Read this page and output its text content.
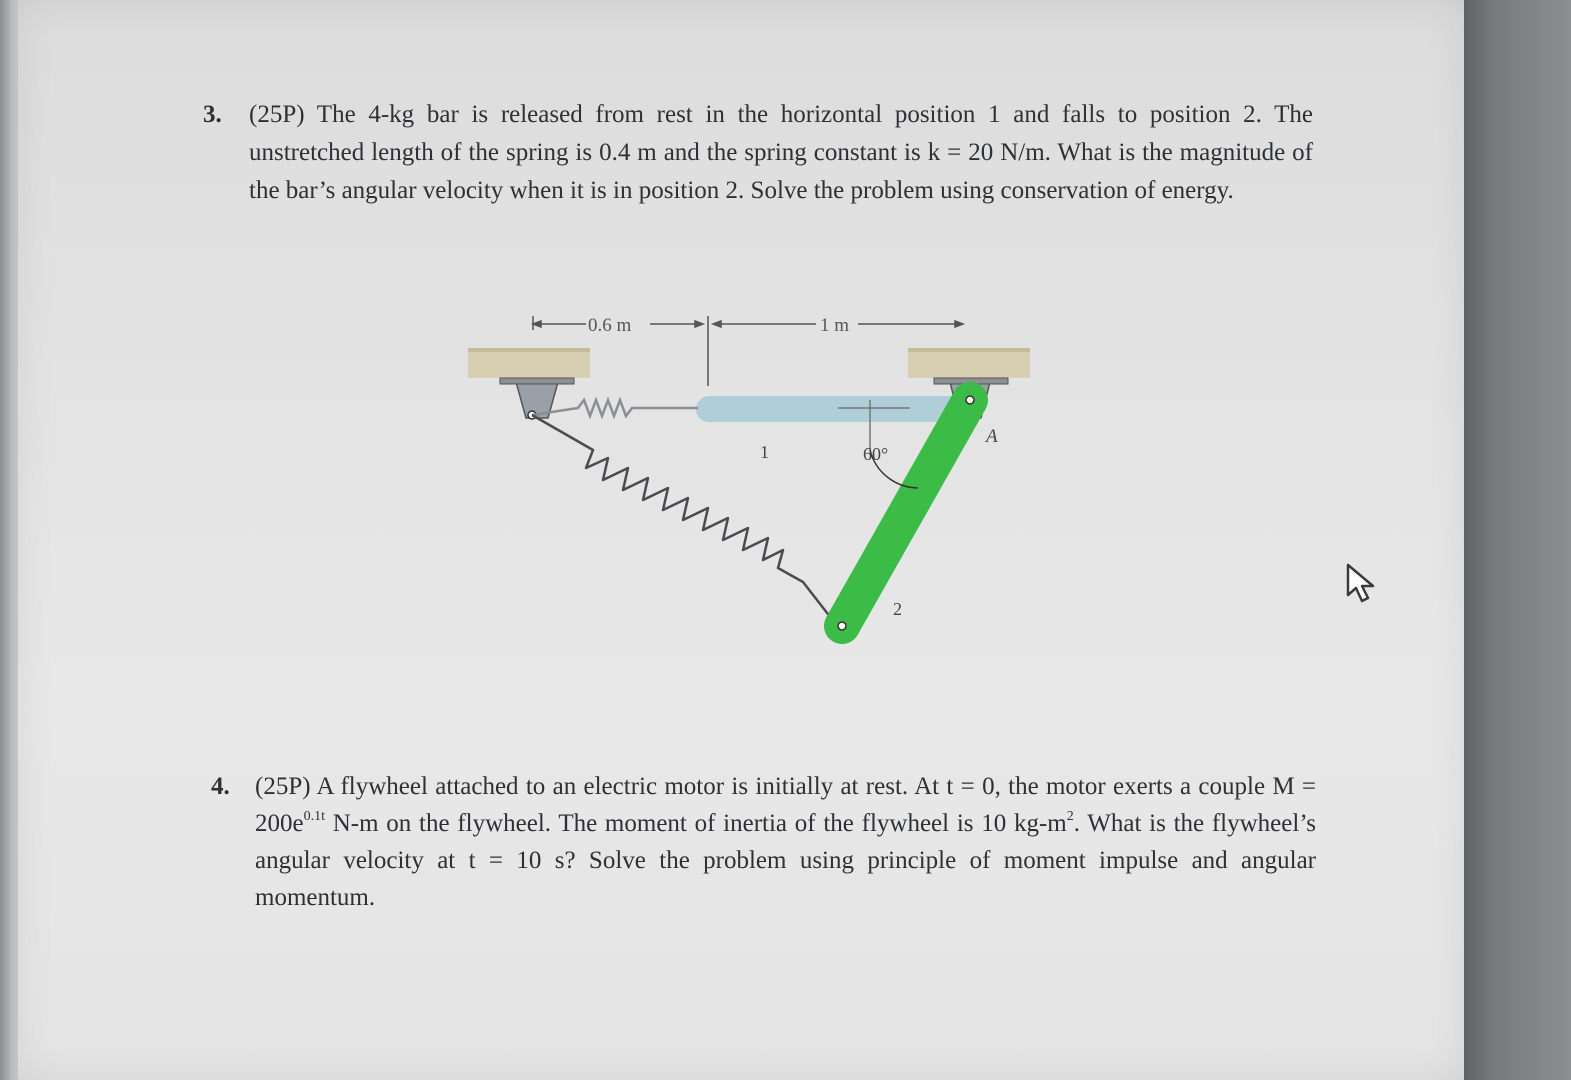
3. (25P) The 4-kg bar is released from rest in the horizontal position 1 and falls to position 2. The unstretched length of the spring is 0.4 m and the spring constant is k = 20 N/m. What is the magnitude of the bar’s angular velocity when it is in position 2. Solve the problem using conservation of energy.
0.6 m	1 m
1	60°
A
2
4. (25P) A flywheel attached to an electric motor is initially at rest. At t = 0, the motor exerts a couple $M = 200e^{0.1t}$ N-m on the flywheel. The moment of inertia of the flywheel is 10 $kg-m^2$. What is the flywheel’s angular velocity at t = 10 s? Solve the problem using principle of moment impulse and angular momentum.
